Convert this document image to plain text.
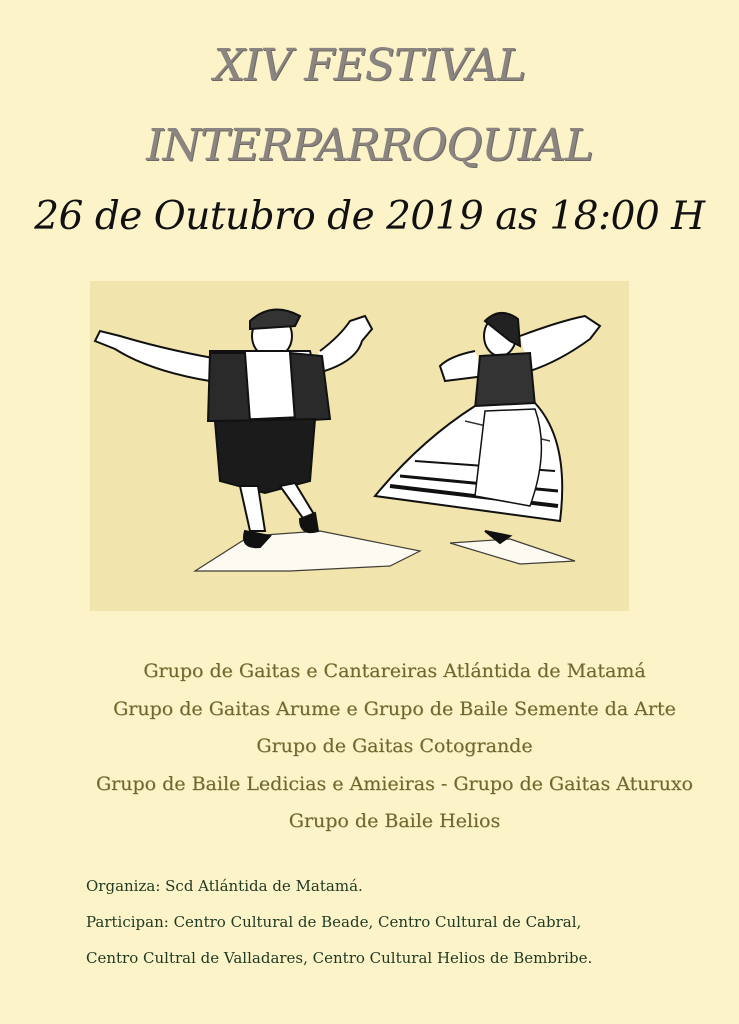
XIV FESTIVAL
INTERPARROQUIAL
26 de Outubro de 2019 as 18:00 H
Grupo de Gaitas e Cantareiras Atlántida de Matamá
Grupo de Gaitas Arume e Grupo de Baile Semente da Arte
Grupo de Gaitas Cotogrande
Grupo de Baile Ledicias e Amieiras - Grupo de Gaitas Aturuxo
Grupo de Baile Helios
Organiza: Scd Atlántida de Matamá.
Participan: Centro Cultural de Beade, Centro Cultural de Cabral,
Centro Cultral de Valladares, Centro Cultural Helios de Bembribe.
